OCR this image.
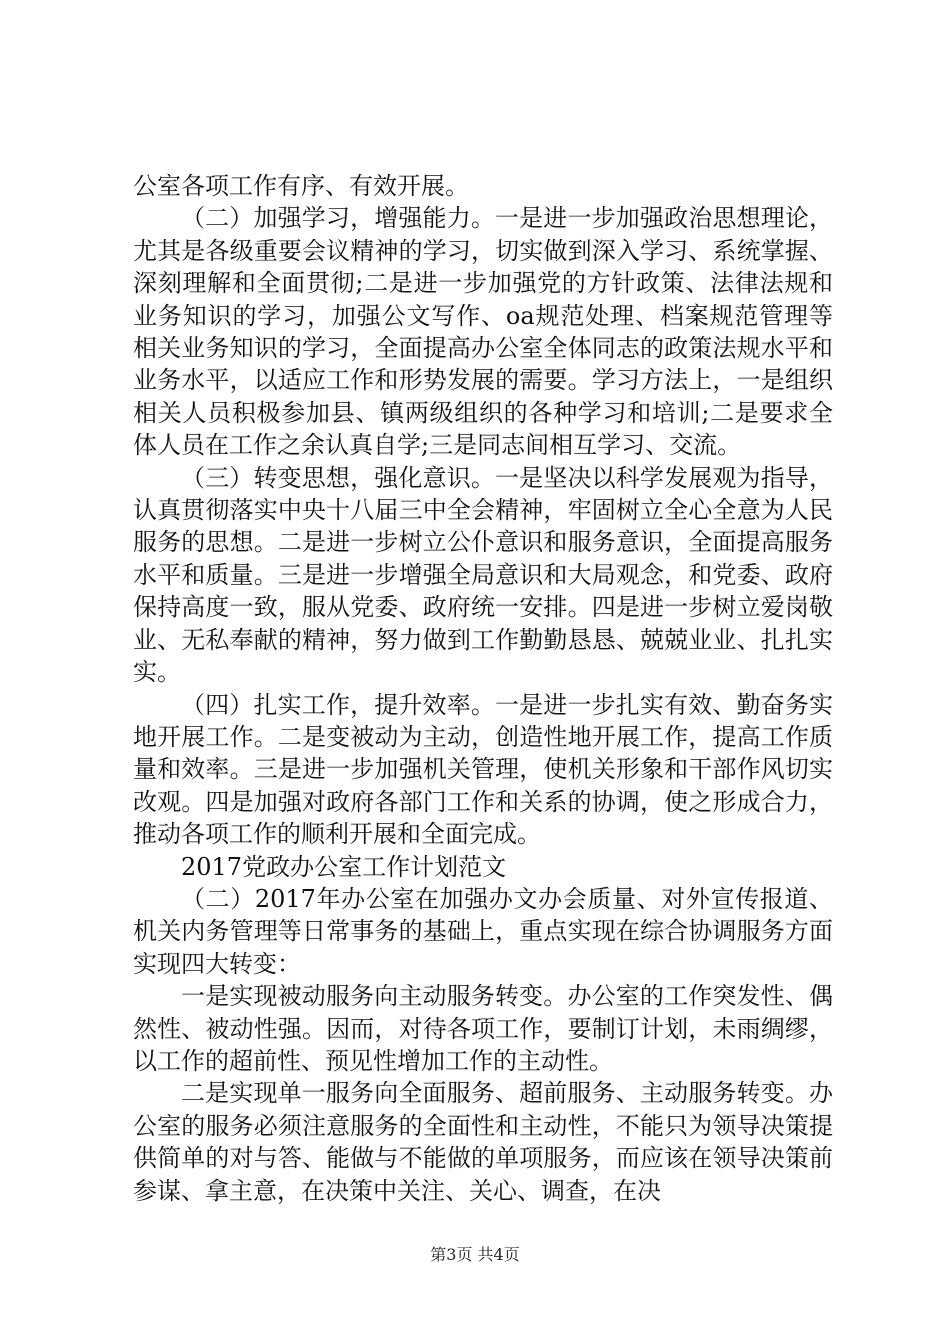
公室各项工作有序、有效开展。

（二）加强学习，增强能力。一是进一步加强政治思想理论，尤其是各级重要会议精神的学习，切实做到深入学习、系统掌握、深刻理解和全面贯彻;二是进一步加强党的方针政策、法律法规和业务知识的学习，加强公文写作、oa规范处理、档案规范管理等相关业务知识的学习，全面提高办公室全体同志的政策法规水平和业务水平，以适应工作和形势发展的需要。学习方法上，一是组织相关人员积极参加县、镇两级组织的各种学习和培训;二是要求全体人员在工作之余认真自学;三是同志间相互学习、交流。

（三）转变思想，强化意识。一是坚决以科学发展观为指导，认真贯彻落实中央十八届三中全会精神，牢固树立全心全意为人民服务的思想。二是进一步树立公仆意识和服务意识，全面提高服务水平和质量。三是进一步增强全局意识和大局观念，和党委、政府保持高度一致，服从党委、政府统一安排。四是进一步树立爱岗敬业、无私奉献的精神，努力做到工作勤勤恳恳、兢兢业业、扎扎实实。

（四）扎实工作，提升效率。一是进一步扎实有效、勤奋务实地开展工作。二是变被动为主动，创造性地开展工作，提高工作质量和效率。三是进一步加强机关管理，使机关形象和干部作风切实改观。四是加强对政府各部门工作和关系的协调，使之形成合力，推动各项工作的顺利开展和全面完成。

2017党政办公室工作计划范文

（二）2017年办公室在加强办文办会质量、对外宣传报道、机关内务管理等日常事务的基础上，重点实现在综合协调服务方面实现四大转变：

一是实现被动服务向主动服务转变。办公室的工作突发性、偶然性、被动性强。因而，对待各项工作，要制订计划，未雨绸缪，以工作的超前性、预见性增加工作的主动性。

二是实现单一服务向全面服务、超前服务、主动服务转变。办公室的服务必须注意服务的全面性和主动性，不能只为领导决策提供简单的对与答、能做与不能做的单项服务，而应该在领导决策前参谋、拿主意，在决策中关注、关心、调查，在决

第3页 共4页
